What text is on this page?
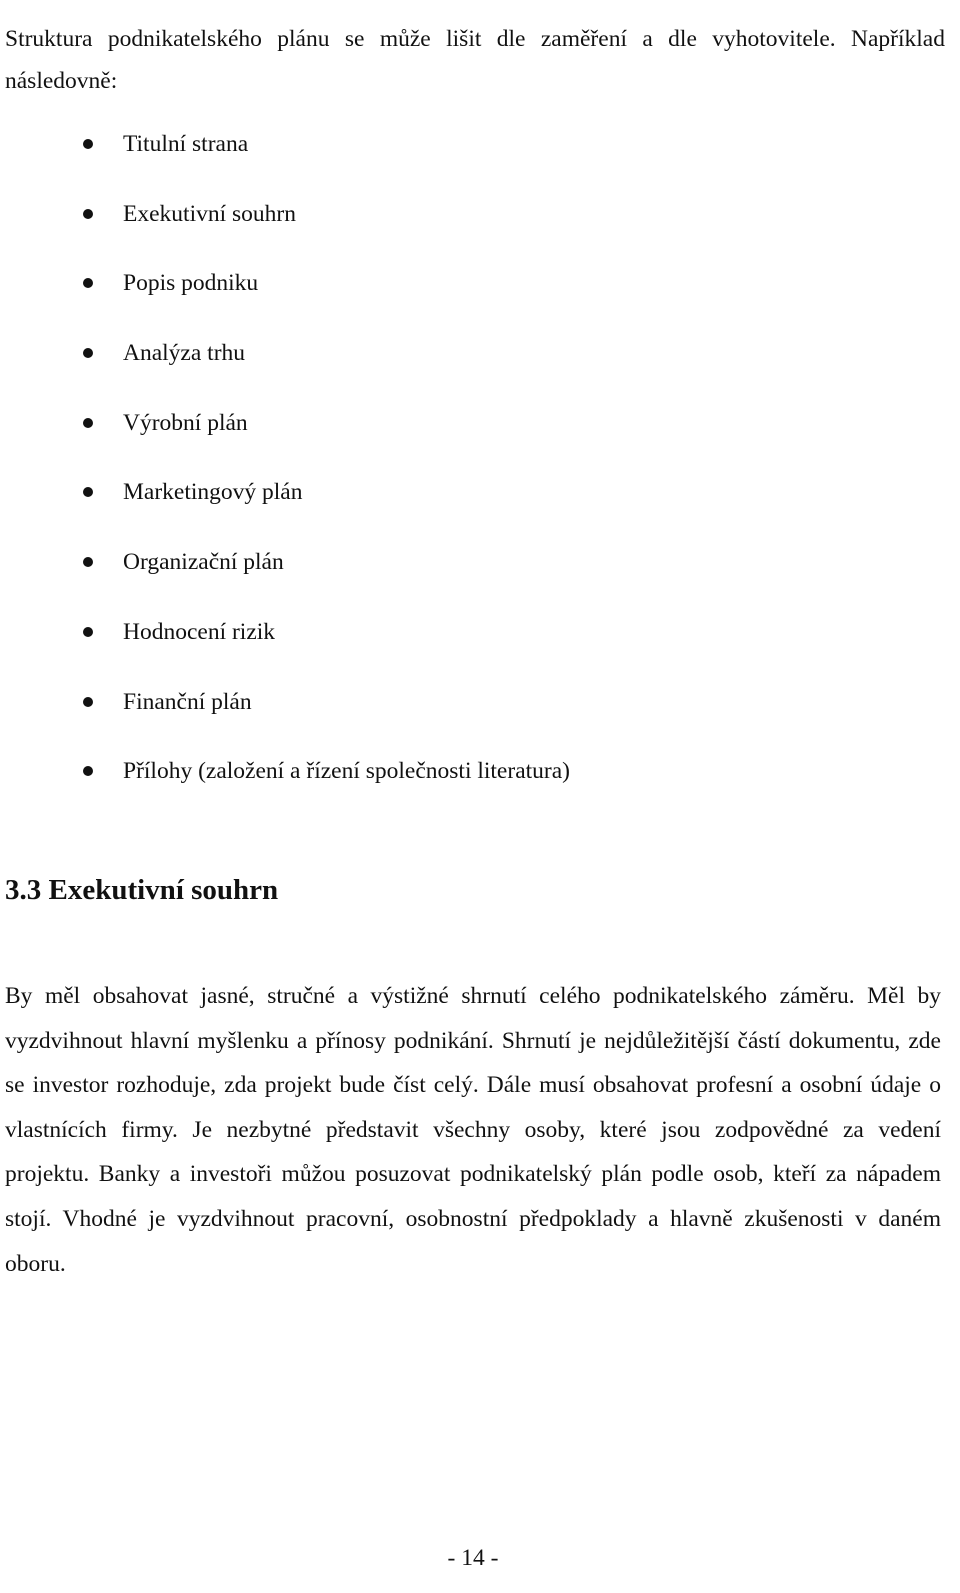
Struktura podnikatelského plánu se může lišit dle zaměření a dle vyhotovitele. Například následovně:

Titulní strana
Exekutivní souhrn
Popis podniku
Analýza trhu
Výrobní plán
Marketingový plán
Organizační plán
Hodnocení rizik
Finanční plán
Přílohy (založení a řízení společnosti literatura)
3.3 Exekutivní souhrn

By měl obsahovat jasné, stručné a výstižné shrnutí celého podnikatelského záměru. Měl by vyzdvihnout hlavní myšlenku a přínosy podnikání. Shrnutí je nejdůležitější částí dokumentu, zde se investor rozhoduje, zda projekt bude číst celý. Dále musí obsahovat profesní a osobní údaje o vlastnících firmy. Je nezbytné představit všechny osoby, které jsou zodpovědné za vedení projektu. Banky a investoři můžou posuzovat podnikatelský plán podle osob, kteří za nápadem stojí. Vhodné je vyzdvihnout pracovní, osobnostní předpoklady a hlavně zkušenosti v daném oboru.

- 14 -
